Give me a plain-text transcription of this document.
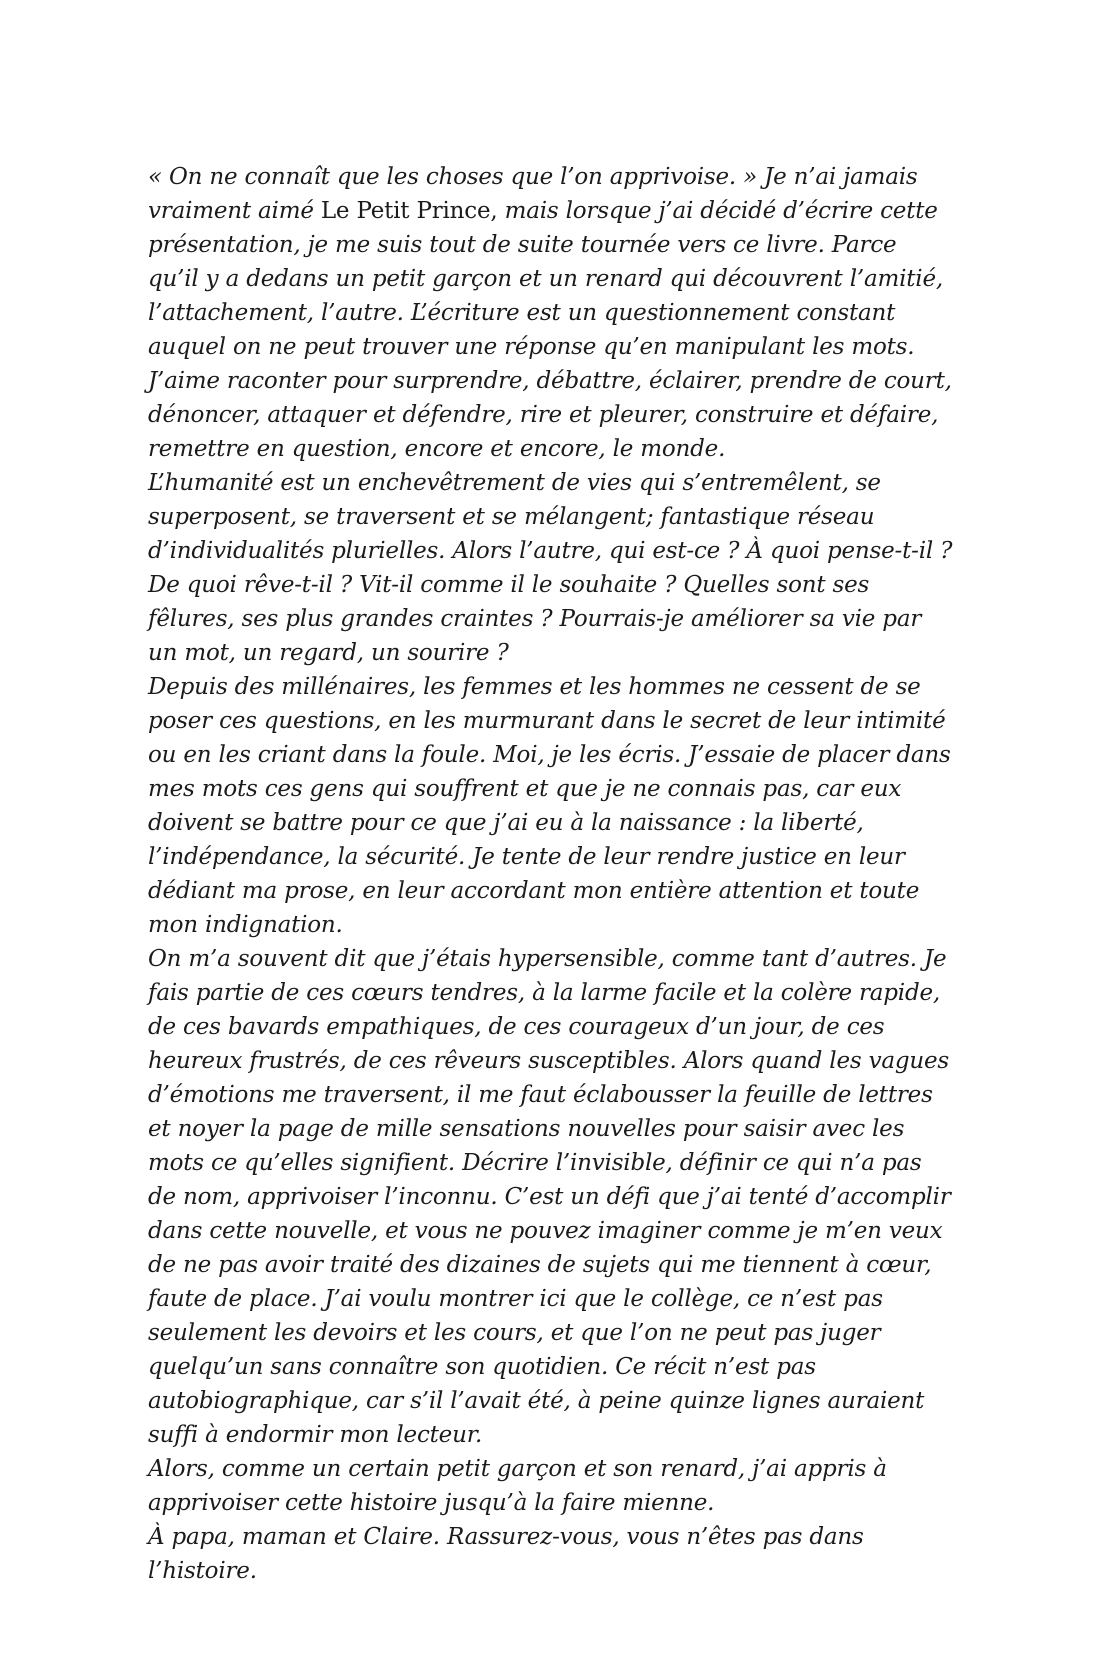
« On ne connaît que les choses que l’on apprivoise. » Je n’ai jamais vraiment aimé Le Petit Prince, mais lorsque j’ai décidé d’écrire cette présentation, je me suis tout de suite tournée vers ce livre. Parce qu’il y a dedans un petit garçon et un renard qui découvrent l’amitié, l’attachement, l’autre. L’écriture est un questionnement constant auquel on ne peut trouver une réponse qu’en manipulant les mots. J’aime raconter pour surprendre, débattre, éclairer, prendre de court, dénoncer, attaquer et défendre, rire et pleurer, construire et défaire, remettre en question, encore et encore, le monde.

L’humanité est un enchevêtrement de vies qui s’entremêlent, se superposent, se traversent et se mélangent; fantastique réseau d’individualités plurielles. Alors l’autre, qui est-ce ? À quoi pense-t-il ? De quoi rêve-t-il ? Vit-il comme il le souhaite ? Quelles sont ses fêlures, ses plus grandes craintes ? Pourrais-je améliorer sa vie par un mot, un regard, un sourire ?

Depuis des millénaires, les femmes et les hommes ne cessent de se poser ces questions, en les murmurant dans le secret de leur intimité ou en les criant dans la foule. Moi, je les écris. J’essaie de placer dans mes mots ces gens qui souffrent et que je ne connais pas, car eux doivent se battre pour ce que j’ai eu à la naissance : la liberté, l’indépendance, la sécurité. Je tente de leur rendre justice en leur dédiant ma prose, en leur accordant mon entière attention et toute mon indignation.

On m’a souvent dit que j’étais hypersensible, comme tant d’autres. Je fais partie de ces cœurs tendres, à la larme facile et la colère rapide, de ces bavards empathiques, de ces courageux d’un jour, de ces heureux frustrés, de ces rêveurs susceptibles. Alors quand les vagues d’émotions me traversent, il me faut éclabousser la feuille de lettres et noyer la page de mille sensations nouvelles pour saisir avec les mots ce qu’elles signifient. Décrire l’invisible, définir ce qui n’a pas de nom, apprivoiser l’inconnu. C’est un défi que j’ai tenté d’accomplir dans cette nouvelle, et vous ne pouvez imaginer comme je m’en veux de ne pas avoir traité des dizaines de sujets qui me tiennent à cœur, faute de place. J’ai voulu montrer ici que le collège, ce n’est pas seulement les devoirs et les cours, et que l’on ne peut pas juger quelqu’un sans connaître son quotidien. Ce récit n’est pas autobiographique, car s’il l’avait été, à peine quinze lignes auraient suffi à endormir mon lecteur.

Alors, comme un certain petit garçon et son renard, j’ai appris à apprivoiser cette histoire jusqu’à la faire mienne.

À papa, maman et Claire. Rassurez-vous, vous n’êtes pas dans l’histoire.
